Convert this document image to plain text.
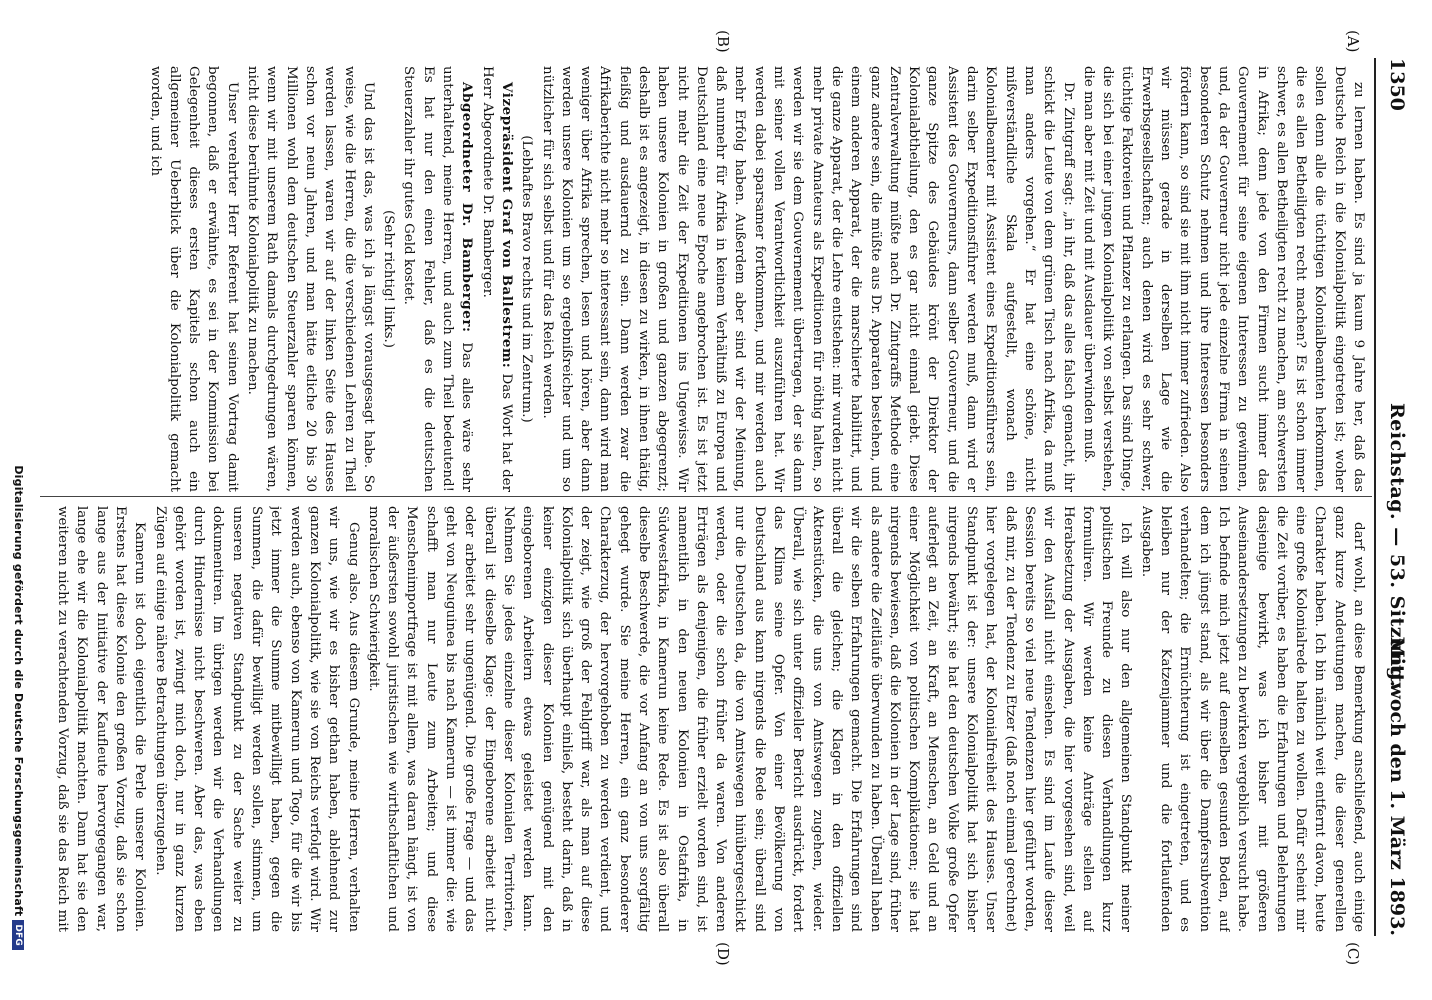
1350
Reichstag. — 53. Sitzung.
Mittwoch den 1. März 1893.
(A)
(B)
(C)
(D)

zu lernen haben. Es sind ja kaum 9 Jahre her, daß das Deutsche Reich in die Kolonialpolitik eingetreten ist; woher sollen denn alle die tüchtigen Kolonialbeamten herkommen, die es allen Betheiligten recht machen? Es ist schon immer schwer, es allen Betheiligten recht zu machen, am schwersten in Afrika; denn jede von den Firmen sucht immer das Gouvernement für seine eigenen Interessen zu gewinnen, und, da der Gouverneur nicht jede einzelne Firma in seinen besonderen Schutz nehmen und ihre Interessen besonders fördern kann, so sind sie mit ihm nicht immer zufrieden. Also wir müssen gerade in derselben Lage wie die Erwerbsgesellschaften; auch denen wird es sehr schwer, tüchtige Faktoreien und Pflanzer zu erlangen. Das sind Dinge, die sich bei einer jungen Kolonialpolitik von selbst verstehen, die man aber mit Zeit und mit Ausdauer überwinden muß.

Dr. Zintgraff sagt: „in ihr, daß das alles falsch gemacht, ihr schickt die Leute von dem grünen Tisch nach Afrika, da muß man anders vorgehen.“ Er hat eine schöne, nicht mißverständliche Skala aufgestellt, wonach ein Kolonialbeamter mit Assistent eines Expeditionsführers sein, darin selber Expeditionsführer werden muß, dann wird er Assistent des Gouverneurs, dann selber Gouverneur, und die ganze Spitze des Gebäudes krönt der Direktor der Kolonialabtheilung, den es gar nicht einmal giebt. Diese Zentralverwaltung müßte nach Dr. Zintgraffs Methode eine ganz andere sein, die müßte aus Dr. Apparaten bestehen, und einem anderen Apparat, der die marschierte habilitirt, und die ganze Apparat, der die Lehre entstehen: mir wurden nicht mehr private Amateurs als Expeditionen für nöthig halten, so werden wir sie dem Gouvernement übertragen, der sie dann mit seiner vollen Verantwortlichkeit auszuführen hat. Wir werden dabei sparsamer fortkommen, und mir werden auch mehr Erfolg haben. Außerdem aber sind wir der Meinung, daß nunmehr für Afrika in keinem Verhältniß zu Europa und Deutschland eine neue Epoche angebrochen ist. Es ist jetzt nicht mehr die Zeit der Expeditionen ins Ungewisse. Wir haben unsere Kolonien in großen und ganzen abgegrenzt; deshalb ist es angezeigt, in diesen zu wirken, in ihnen thätig, fleißig und ausdauernd zu sein. Dann werden zwar die Afrikaberichte nicht mehr so interessant sein, dann wird man weniger über Afrika sprechen, lesen und hören, aber dann werden unsere Kolonien um so ergebnißreicher und um so nützlicher für sich selbst und für das Reich werden.

(Lebhaftes Bravo rechts und im Zentrum.)

Vizepräsident Graf von Ballestrem: Das Wort hat der Herr Abgeordnete Dr. Bamberger.

Abgeordneter Dr. Bamberger: Das alles wäre sehr unterhaltend, meine Herren, und auch zum Theil bedeutend! Es hat nur den einen Fehler, daß es die deutschen Steuerzahler ihr gutes Geld kostet.

(Sehr richtig! links.)

Und das ist das, was ich ja längst vorausgesagt habe. So weise, wie die Herren, die die verschiedenen Lehren zu Theil werden lassen, waren wir auf der linken Seite des Hauses schon vor neun Jahren, und man hätte etliche 20 bis 30 Millionen wohl dem deutschen Steuerzahler sparen können, wenn wir mit unserem Rath damals durchgedrungen wären, nicht diese berühmte Kolonialpolitik zu machen.

Unser verehrter Herr Referent hat seinen Vortrag damit begonnen, daß er erwähnte, es sei in der Kommission bei Gelegenheit dieses ersten Kapitels schon auch ein allgemeiner Ueberblick über die Kolonialpolitik gemacht worden, und ich

darf wohl, an diese Bemerkung anschließend, auch einige ganz kurze Andeutungen machen, die dieser generellen Charakter haben. Ich bin nämlich weit entfernt davon, heute eine große Kolonialrede halten zu wollen. Dafür scheint mir die Zeit vorüber, es haben die Erfahrungen und Belehrungen dasjenige bewirkt, was ich bisher mit größeren Auseinandersetzungen zu bewirken vergeblich versucht habe. Ich befinde mich jetzt auf demselben gesunden Boden, auf dem ich jüngst stand, als wir über die Dampfersubvention verhandelten; die Ernüchterung ist eingetreten, und es bleiben nur der Katzenjammer und die fortlaufenden Ausgaben.

Ich will also nur den allgemeinen Standpunkt meiner politischen Freunde zu diesen Verhandlungen kurz formuliren. Wir werden keine Anträge stellen auf Herabsetzung der Ausgaben, die hier vorgesehen sind, weil wir den Ausfall nicht einsehen. Es sind im Laufe dieser Session bereits so viel neue Tendenzen hier geführt worden, daß mir, zu der Tendenz zu Etzer (daß noch einmal gerechnet) hier vorgelegen hat, der Kolonialfreiheit des Hauses. Unser Standpunkt ist der: unsere Kolonialpolitik hat sich bisher nirgends bewährt; sie hat den deutschen Volke große Opfer auferlegt an Zeit, an Kraft, an Menschen, an Geld und an einer Möglichkeit von politischen Komplikationen; sie hat nirgends bewiesen, daß die Kolonien in der Lage sind, früher als andere die Zeitläufe überwunden zu haben. Überall haben wir die selben Erfahrungen gemacht. Die Erfahrungen sind überall die gleichen; die Klagen in den offiziellen Aktenstücken, die uns von Amtswegen zugehen, wieder. Überall, wie sich unter offizieller Bericht ausdrückt, fordert das Klima seine Opfer. Von einer Bevölkerung von Deutschland aus kann nirgends die Rede sein; überall sind nur die Deutschen da, die von Amtswegen hinübergeschickt werden, oder die schon früher da waren. Von anderen Erträgen als denjenigen, die früher erzielt worden sind, ist namentlich in den neuen Kolonien in Ostafrika, in Südwestafrika, in Kamerun keine Rede. Es ist also überall dieselbe Beschwerde, die vor Anfang an von uns sorgfältig gehegt wurde. Sie meine Herren, ein ganz besonderer Charakterzug, der hervorgehoben zu werden verdient, und der zeigt, wie groß der Fehlgriff war, als man auf diese Kolonialpolitik sich überhaupt einließ, besteht darin, daß in keiner einzigen dieser Kolonien genügend mit den eingeborenen Arbeitern etwas geleistet werden kann. Nehmen Sie jedes einzelne dieser Kolonialen Territorien, überall ist dieselbe Klage: der Eingeborene arbeitet nicht oder arbeitet sehr ungenügend. Die große Frage — und das geht von Neuguinea bis nach Kamerun — ist immer die: wie schafft man nur Leute zum Arbeiten; und diese Menschenimportfrage ist mit allem, was daran hängt, ist von der äußersten sowohl juristischen wie wirthschaftlichen und moralischen Schwierigkeit.

Genug also. Aus diesem Grunde, meine Herren, verhalten wir uns, wie wir es bisher gethan haben, ablehnend zur ganzen Kolonialpolitik, wie sie von Reichs verfolgt wird. Wir werden auch, ebenso von Kamerun und Togo, für die wir bis jetzt immer die Summe mitbewilligt haben, gegen die Summen, die dafür bewilligt werden sollen, stimmen, um unseren negativen Standpunkt zu der Sache weiter zu dokumentiren. Im übrigen werden wir die Verhandlungen durch Hindernisse nicht beschweren. Aber das, was eben gehört worden ist, zwingt mich doch, nur in ganz kurzen Zügen auf einige nähere Betrachtungen überzugehen.

Kamerun ist doch eigentlich die Perle unserer Kolonien. Erstens hat diese Kolonie den großen Vorzug, daß sie schon lange aus der Initiative der Kaufleute hervorgegangen war, lange ehe wir die Kolonialpolitik machten. Dann hat sie den weiteren nicht zu verachtenden Vorzug, daß sie das Reich mit

Digitalisierung gefördert durch die Deutsche ForschungsgemeinschaftDFG
